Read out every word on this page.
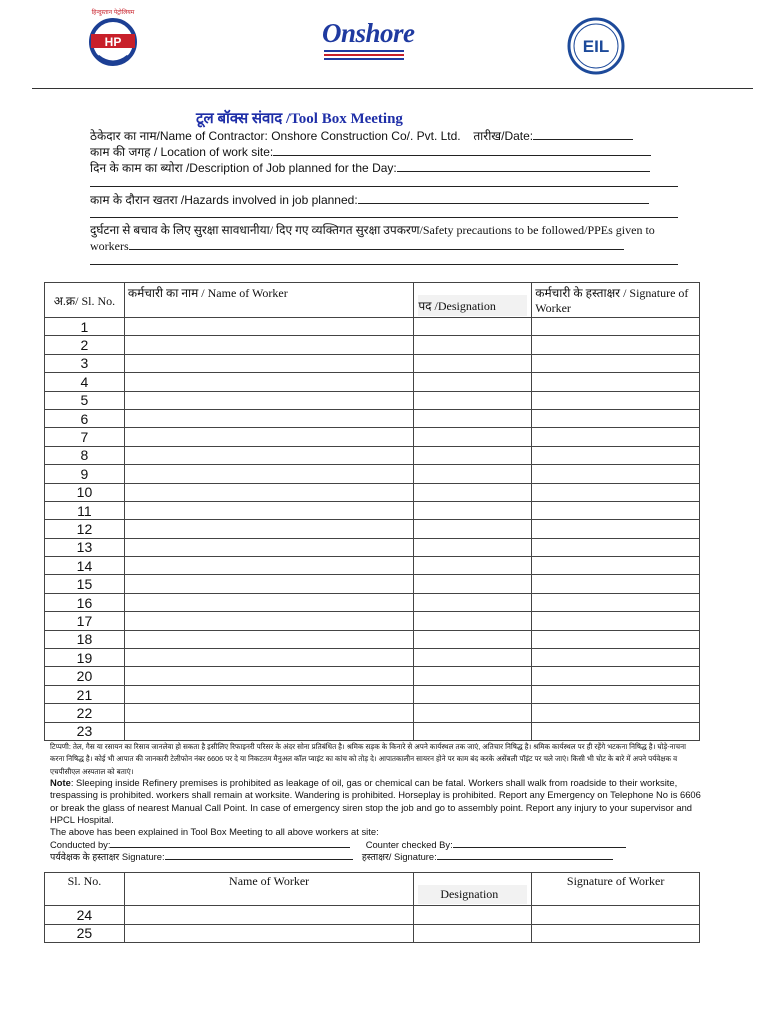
हिन्दुस्तान पेट्रोलियम
HP	Onshore	EIL
टूल बॉक्स संवाद /Tool Box Meeting
ठेकेदार का नाम/Name of Contractor: Onshore Construction Co/. Pvt. Ltd. तारीख/Date:
काम की जगह / Location of work site:
दिन के काम का ब्योरा /Description of Job planned for the Day:
काम के दौरान खतरा /Hazards involved in job planned:
दुर्घटना से बचाव के लिए सुरक्षा सावधानीया/ दिए गए व्यक्तिगत सुरक्षा उपकरण/Safety precautions to be followed/PPEs given to
workers
अ.क्र/ Sl. No.	कर्मचारी का नाम / Name of Worker	पद /Designation	कर्मचारी के हस्ताक्षर / Signature of Worker
1			
2			
3			
4			
5			
6			
7			
8			
9			
10			
11			
12			
13			
14			
15			
16			
17			
18			
19			
20			
21			
22			
23			
टिप्पणी: तेल, गैस या रसायन का रिसाव जानलेवा हो सकता है इसीलिए रिफाइनरी परिसर के अंदर सोना प्रतिबंधित है। श्रमिक सड़क के किनारे से अपने कार्यस्थल तक जाएं, अतिचार निषिद्ध है। श्रमिक कार्यस्थल पर ही रहेंगे भटकना निषिद्ध है। घोड़े-नाचना करना निषिद्ध है। कोई भी आपात की जानकारी टेलीफोन नंबर 6606 पर दे या निकटतम मैनुअल कॉल प्वाइंट का कांच को तोड़ दे। आपातकालीन सायरन होने पर काम बंद करके असेंबली पॉइंट पर चले जाएं। किसी भी चोट के बारे में अपने पर्यवेक्षक व एचपीसीएल अस्पताल को बताएं।
Note: Sleeping inside Refinery premises is prohibited as leakage of oil, gas or chemical can be fatal. Workers shall walk from roadside to their worksite, trespassing is prohibited. workers shall remain at worksite. Wandering is prohibited. Horseplay is prohibited. Report any Emergency on Telephone No is 6606 or break the glass of nearest Manual Call Point. In case of emergency siren stop the job and go to assembly point. Report any injury to your supervisor and HPCL Hospital.
The above has been explained in Tool Box Meeting to all above workers at site:
Conducted by:	Counter checked By:
पर्यवेक्षक के हस्ताक्षर Signature:	हस्ताक्षर/ Signature:
Sl. No.	Name of Worker	Designation	Signature of Worker
24			
25			
